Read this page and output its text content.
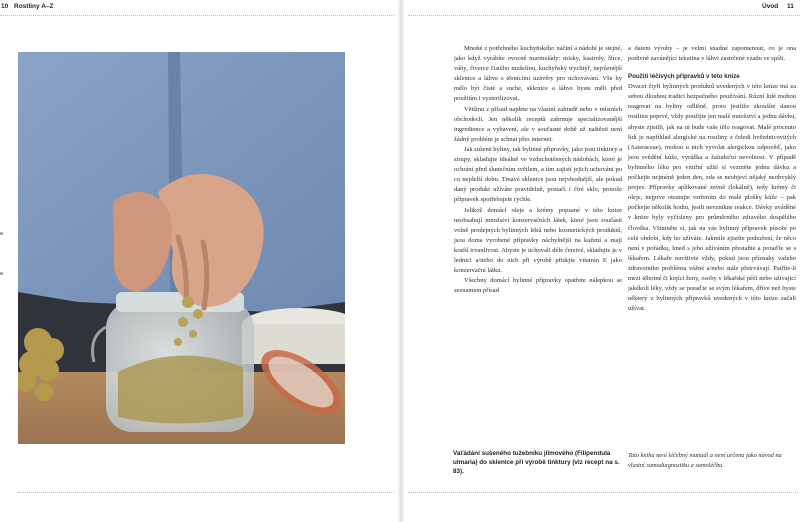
10 Rostliny A–Z	Úvod 11
Vaťádání sušeného tužebníku jilmového (Filipendula ulmaria) do sklenice při výrobě tinktury (viz recept na s. 83).

Mnohé z potřebného kuchyňského náčiní a nádobí je stejné, jako když vyrábíte ovocné marmelády: misky, kastroly, lžíce, váhy, čtverce čistého mušelínu, kuchyňský trychtýř, nejrůznější sklenice a láhve s těsnícími uzávěry pro uchovávání. Vše by mělo být čisté a suché, sklenice a láhve byste měli před použitím i vysterilizovat.

Většinu z přísad najdete na vlastní zahradě nebo v místních obchodech. Jen několik receptů zahrnuje specializovanější ingredience a vybavení, ale v současné době už naštěstí není žádný problém je schnat přes internet.

Jak sušené byliny, tak bylinné přípravky, jako jsou tinktury a sirupy, skladujte ideálně ve vzduchotěsných nádobách, které je ochrání před slunečním světlem, a tím zajistí jejich uchování po co nejdelší dobu. Tmavé sklenice jsou nejvhodnější, ale pokud daný produkt užíváte pravidelně, postačí i čiré sklo, protože přípravek spotřebujete rychle.

Jelikož domácí oleje a krémy popsané v této knize neobsahují množství konzervačních látek, které jsou součástí volně prodejných bylinných léků nebo kosmetických produktů, jsou doma vyrobené přípravky náchylnější na kažení a mají kratší trvanlivost. Abyste je uchovali déle čerstvé, skladujte je v lednici a/nebo do nich při výrobě přidejte vitamín E jako konzervační látku.

Všechny domácí bylinné přípravky opatřete nálepkou se seznamem přísad

a datem výroby – je velmi snadné zapomenout, co je ona podivně zavánějící tekutina v láhvi zastrčené vzadu ve spíži.

Použití léčivých přípravků v této knize

Dvacet čtyři bylinných produktů uvedených v této knize má za sebou dlouhou tradici bezpečného používání. Různí lidé mohou reagovat na byliny odlišně, proto jestliže zkoušíte danou rostlinu poprvé, vždy použijte jen malé množství a jednu dávku, abyste zjistili, jak na ni bude vaše tělo reagovat. Malé procento lidí je například alergické na rostliny z čeledi hvězdnicovitých (Asteraceae), mohou u nich vyvolat alergickou odpověď, jako jsou svědění kůže, vyrážka a žaludeční nevolnost. V případě bylinného léku pro vnitřní užití si vezměte jednu dávku a počkejte nejméně jeden den, zda se neobjeví nějaký neobvyklý projev. Přípravky aplikované zevně (lokálně), tedy krémy či oleje, nejprve otestujte vetřením do malé plošky kůže – pak počkejte několik hodin, jestli nevznikne reakce. Dávky uváděné v knize byly vyčísleny pro průměrného zdravého dospělého člověka. Všimněte si, jak na vás bylinný přípravek působí po celé období, kdy ho užíváte. Jakmile zjistíte podezření, že něco není v pořádku, hned s jeho užíváním přestaňte a poraďte se s lékařem. Lékaře navštivte vždy, pokud jsou příznaky vašeho zdravotního problému vážné a/nebo stále přetrvávají. Patříte-li mezi těhotné či kojící ženy, osoby v lékařské péči nebo užívající jakékoli léky, vždy se poraďte se svým lékařem, dříve než byste některý z bylinných přípravků uvedených v této knize začali užívat.

Tato kniha není léčebný manuál a není určena jako návod na vlastní samodiagnostiku a samoléčbu.
